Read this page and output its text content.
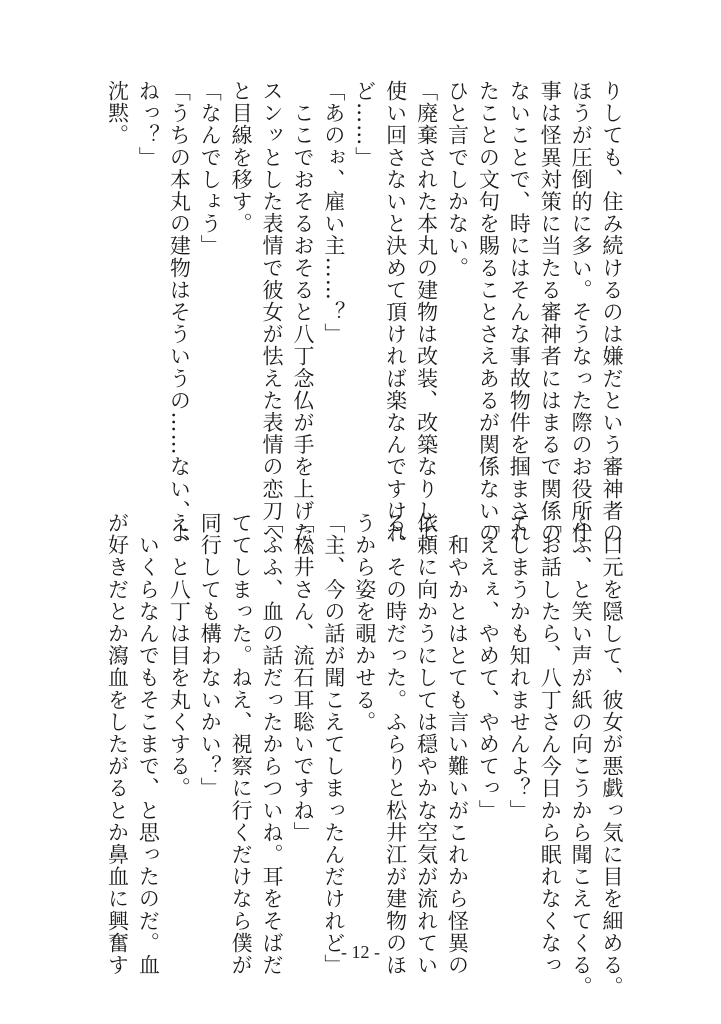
りしても、住み続けるのは嫌だという審神者の
ほうが圧倒的に多い。そうなった際のお役所仕
事は怪異対策に当たる審神者にはまるで関係の
ないことで、時にはそんな事故物件を掴まされ
たことの文句を賜ることさえあるが関係ないの
ひと言でしかない。
「廃棄された本丸の建物は改装、改築なりして
使い回さないと決めて頂ければ楽なんですけれ
ど……」
「あのぉ、雇い主……？」
　ここでおそるおそると八丁念仏が手を上げた。
スンッとした表情で彼女が怯えた表情の恋刀へ
と目線を移す。
「なんでしょう」
「うちの本丸の建物はそういうの……ない、よ
ねっ？」
沈黙。
　口元を隠して、彼女が悪戯っ気に目を細める。
ふふ、と笑い声が紙の向こうから聞こえてくる。
「お話したら、八丁さん今日から眠れなくなっ
てしまうかも知れませんよ？」
「ええぇ、やめて、やめてっ」
　和やかとはとても言い難いがこれから怪異の
依頼に向かうにしては穏やかな空気が流れてい
る、その時だった。ふらりと松井江が建物のほ
うから姿を覗かせる。
「主、今の話が聞こえてしまったんだけれど」
「松井さん、流石耳聡いですね」
「ふふ、血の話だったからついね。耳をそばだ
ててしまった。ねえ、視察に行くだけなら僕が
同行しても構わないかい？」
え、と八丁は目を丸くする。
　いくらなんでもそこまで、と思ったのだ。血
が好きだとか瀉血をしたがるとか鼻血に興奮す	- 12 -
